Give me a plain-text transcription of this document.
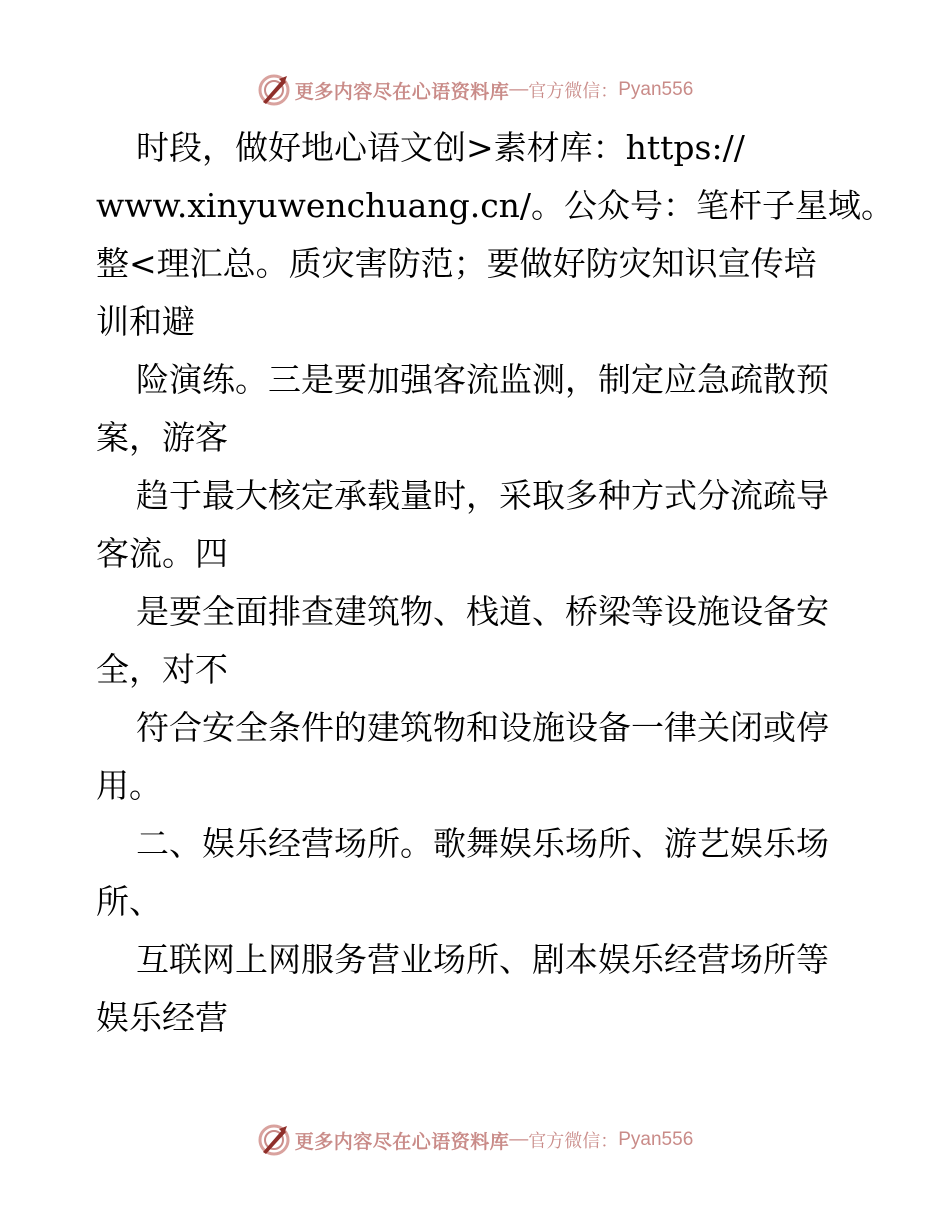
更多内容尽在心语资料库 — 官方微信： Pyan556
时段，做好地心语文创>素材库：https://
www.xinyuwenchuang.cn/。公众号：笔杆子星域。
整<理汇总。质灾害防范；要做好防灾知识宣传培
训和避
险演练。三是要加强客流监测，制定应急疏散预
案，游客
趋于最大核定承载量时，采取多种方式分流疏导
客流。四
是要全面排查建筑物、栈道、桥梁等设施设备安
全，对不
符合安全条件的建筑物和设施设备一律关闭或停
用。
二、娱乐经营场所。歌舞娱乐场所、游艺娱乐场
所、
互联网上网服务营业场所、剧本娱乐经营场所等
娱乐经营
更多内容尽在心语资料库 — 官方微信： Pyan556
